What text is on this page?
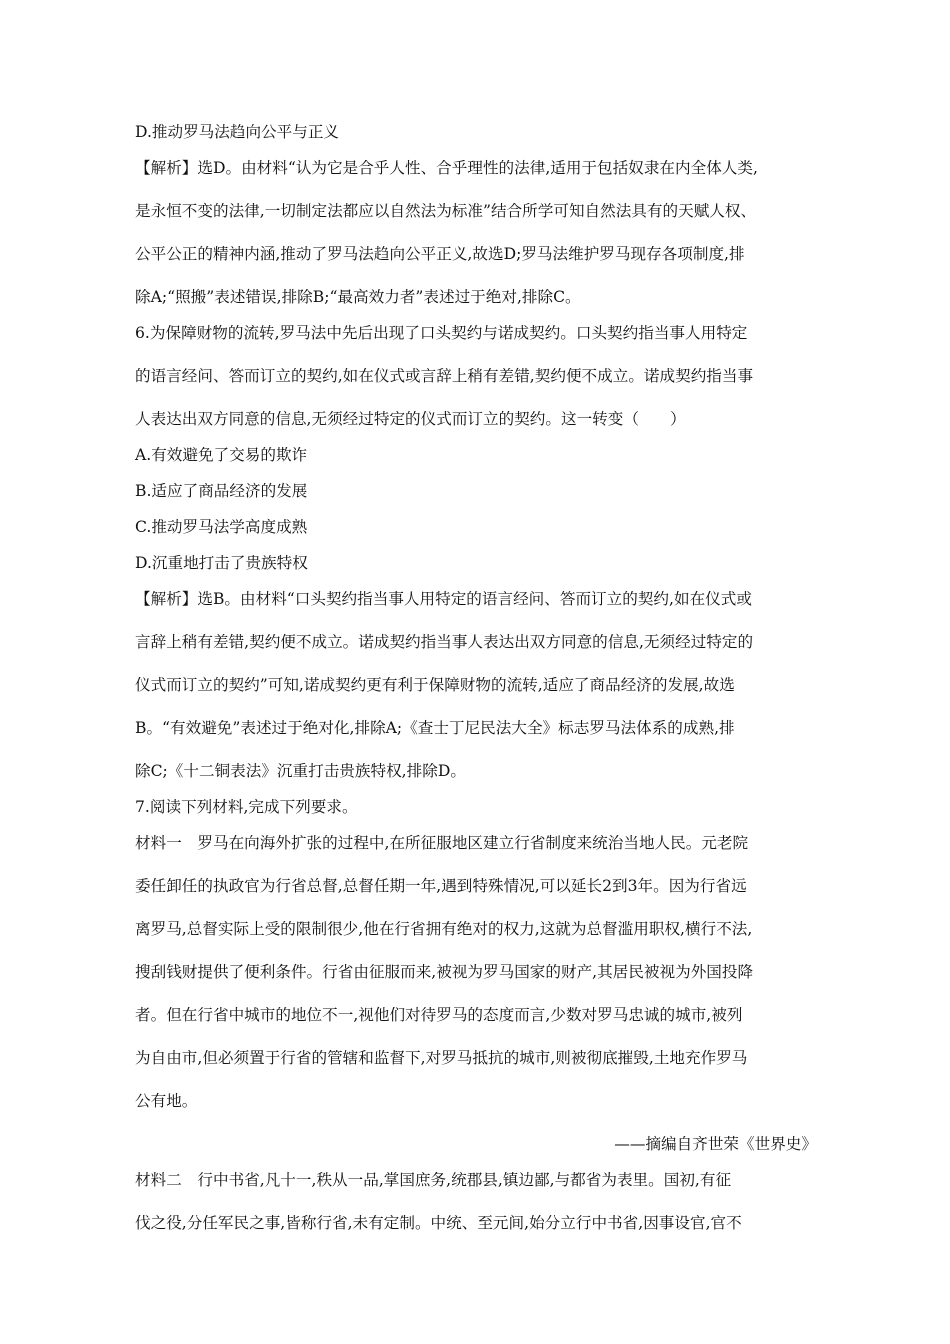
D.推动罗马法趋向公平与正义
【解析】选D。由材料“认为它是合乎人性、合乎理性的法律,适用于包括奴隶在内全体人类,
是永恒不变的法律,一切制定法都应以自然法为标准”结合所学可知自然法具有的天赋人权、
公平公正的精神内涵,推动了罗马法趋向公平正义,故选D;罗马法维护罗马现存各项制度,排
除A;“照搬”表述错误,排除B;“最高效力者”表述过于绝对,排除C。
6.为保障财物的流转,罗马法中先后出现了口头契约与诺成契约。口头契约指当事人用特定
的语言经问、答而订立的契约,如在仪式或言辞上稍有差错,契约便不成立。诺成契约指当事
人表达出双方同意的信息,无须经过特定的仪式而订立的契约。这一转变（　　）
A.有效避免了交易的欺诈
B.适应了商品经济的发展
C.推动罗马法学高度成熟
D.沉重地打击了贵族特权
【解析】选B。由材料“口头契约指当事人用特定的语言经问、答而订立的契约,如在仪式或
言辞上稍有差错,契约便不成立。诺成契约指当事人表达出双方同意的信息,无须经过特定的
仪式而订立的契约”可知,诺成契约更有利于保障财物的流转,适应了商品经济的发展,故选
B。“有效避免”表述过于绝对化,排除A;《查士丁尼民法大全》标志罗马法体系的成熟,排
除C;《十二铜表法》沉重打击贵族特权,排除D。
7.阅读下列材料,完成下列要求。
材料一　罗马在向海外扩张的过程中,在所征服地区建立行省制度来统治当地人民。元老院
委任卸任的执政官为行省总督,总督任期一年,遇到特殊情况,可以延长2到3年。因为行省远
离罗马,总督实际上受的限制很少,他在行省拥有绝对的权力,这就为总督滥用职权,横行不法,
搜刮钱财提供了便利条件。行省由征服而来,被视为罗马国家的财产,其居民被视为外国投降
者。但在行省中城市的地位不一,视他们对待罗马的态度而言,少数对罗马忠诚的城市,被列
为自由市,但必须置于行省的管辖和监督下,对罗马抵抗的城市,则被彻底摧毁,土地充作罗马
公有地。
——摘编自齐世荣《世界史》
材料二　行中书省,凡十一,秩从一品,掌国庶务,统郡县,镇边鄙,与都省为表里。国初,有征
伐之役,分任军民之事,皆称行省,未有定制。中统、至元间,始分立行中书省,因事设官,官不
